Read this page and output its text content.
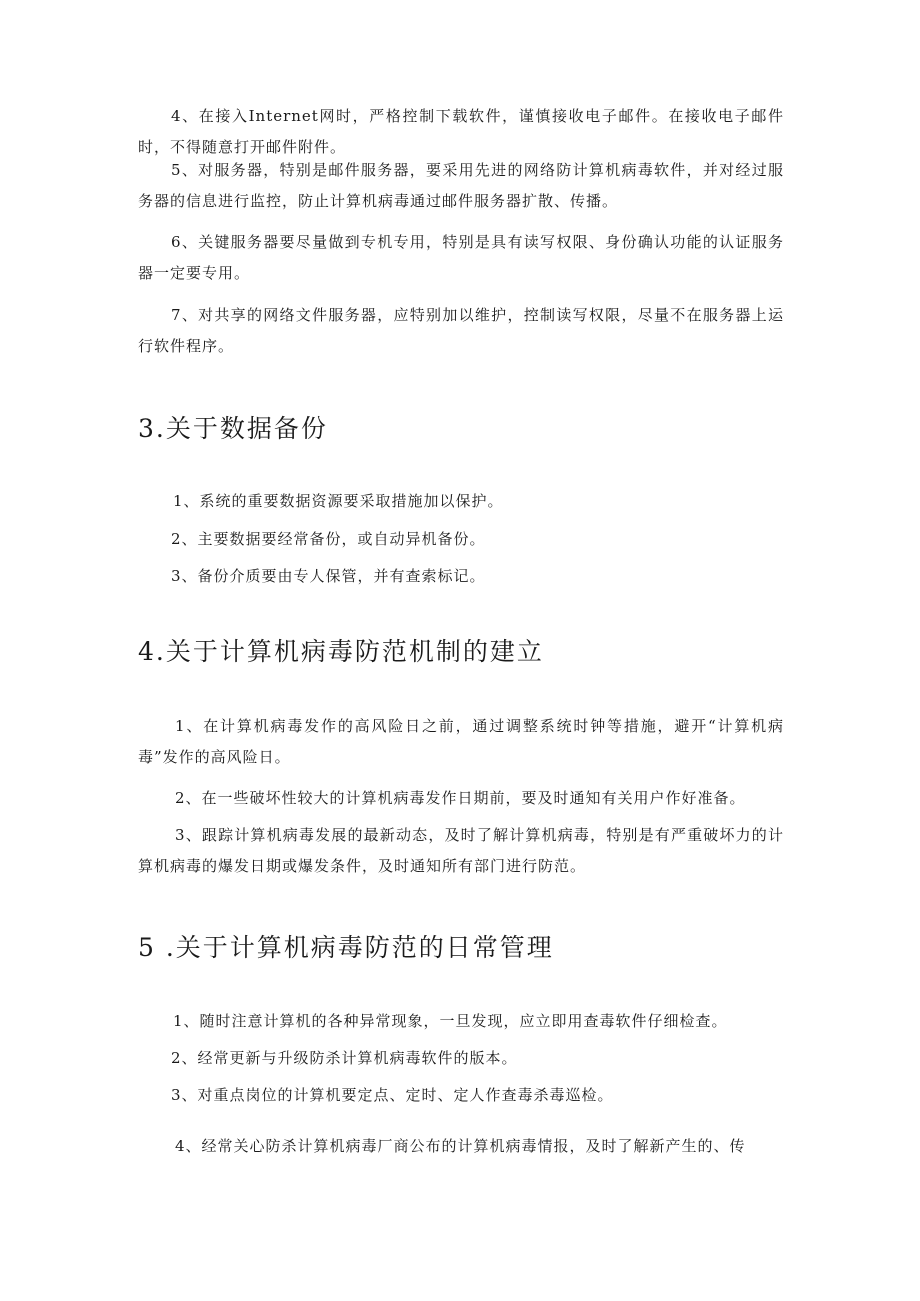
4、在接入Internet网时，严格控制下载软件，谨慎接收电子邮件。在接收电子邮件时，不得随意打开邮件附件。

5、对服务器，特别是邮件服务器，要采用先进的网络防计算机病毒软件，并对经过服务器的信息进行监控，防止计算机病毒通过邮件服务器扩散、传播。

6、关键服务器要尽量做到专机专用，特别是具有读写权限、身份确认功能的认证服务器一定要专用。

7、对共享的网络文件服务器，应特别加以维护，控制读写权限，尽量不在服务器上运行软件程序。

3.关于数据备份

1、系统的重要数据资源要采取措施加以保护。

2、主要数据要经常备份，或自动异机备份。

3、备份介质要由专人保管，并有查索标记。

4.关于计算机病毒防范机制的建立

1、在计算机病毒发作的高风险日之前，通过调整系统时钟等措施，避开“计算机病毒”发作的高风险日。

2、在一些破坏性较大的计算机病毒发作日期前，要及时通知有关用户作好准备。

3、跟踪计算机病毒发展的最新动态，及时了解计算机病毒，特别是有严重破坏力的计算机病毒的爆发日期或爆发条件，及时通知所有部门进行防范。

5 .关于计算机病毒防范的日常管理

1、随时注意计算机的各种异常现象，一旦发现，应立即用查毒软件仔细检查。

2、经常更新与升级防杀计算机病毒软件的版本。

3、对重点岗位的计算机要定点、定时、定人作查毒杀毒巡检。

4、经常关心防杀计算机病毒厂商公布的计算机病毒情报，及时了解新产生的、传
